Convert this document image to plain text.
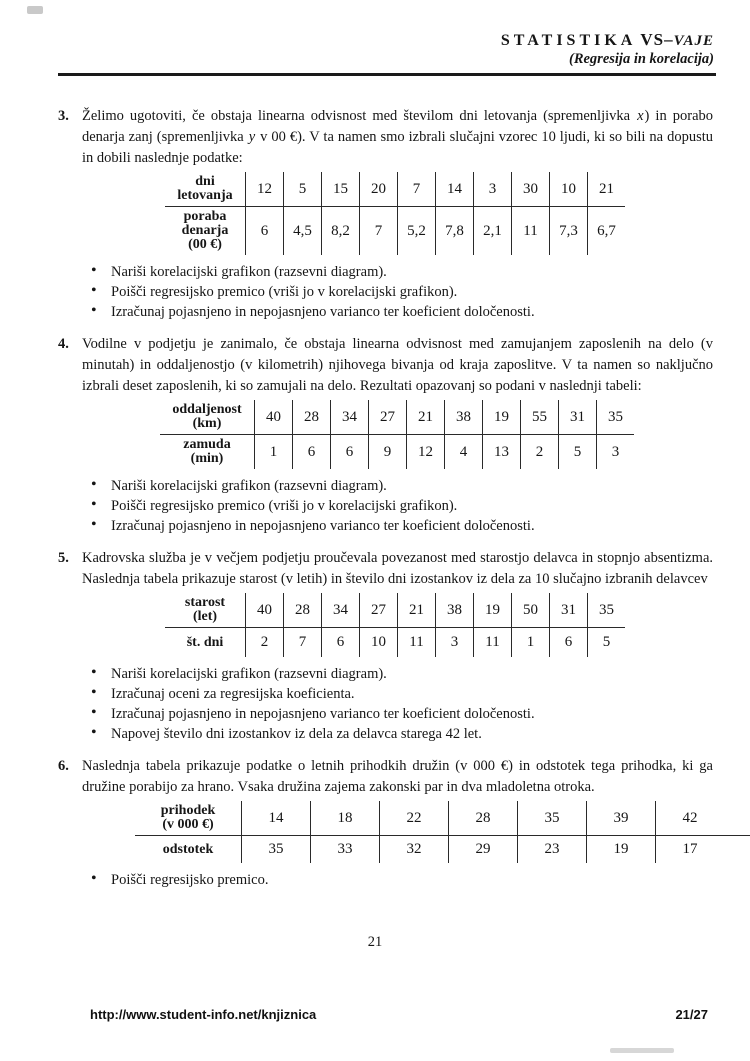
STATISTIKA VS–VAJE
(Regresija in korelacija)
3. Želimo ugotoviti, če obstaja linearna odvisnost med številom dni letovanja (spremenljivka x) in porabo denarja zanj (spremenljivka y v 00 €). V ta namen smo izbrali slučajni vzorec 10 ljudi, ki so bili na dopustu in dobili naslednje podatke:
dni
letovanja	12	5	15	20	7	14	3	30	10	21

poraba
denarja
(00 €)	6	4,5	8,2	7	5,2	7,8	2,1	11	7,3	6,7
• Nariši korelacijski grafikon (razsevni diagram).
• Poišči regresijsko premico (vriši jo v korelacijski grafikon).
• Izračunaj pojasnjeno in nepojasnjeno varianco ter koeficient določenosti.
4. Vodilne v podjetju je zanimalo, če obstaja linearna odvisnost med zamujanjem zaposlenih na delo (v minutah) in oddaljenostjo (v kilometrih) njihovega bivanja od kraja zaposlitve. V ta namen so naključno izbrali deset zaposlenih, ki so zamujali na delo. Rezultati opazovanj so podani v naslednji tabeli:
oddaljenost
(km)	40	28	34	27	21	38	19	55	31	35

zamuda
(min)	1	6	6	9	12	4	13	2	5	3
• Nariši korelacijski grafikon (razsevni diagram).
• Poišči regresijsko premico (vriši jo v korelacijski grafikon).
• Izračunaj pojasnjeno in nepojasnjeno varianco ter koeficient določenosti.
5. Kadrovska služba je v večjem podjetju proučevala povezanost med starostjo delavca in stopnjo absentizma. Naslednja tabela prikazuje starost (v letih) in število dni izostankov iz dela za 10 slučajno izbranih delavcev
starost
(let)	40	28	34	27	21	38	19	50	31	35

št. dni	2	7	6	10	11	3	11	1	6	5
• Nariši korelacijski grafikon (razsevni diagram).
• Izračunaj oceni za regresijska koeficienta.
• Izračunaj pojasnjeno in nepojasnjeno varianco ter koeficient določenosti.
• Napovej število dni izostankov iz dela za delavca starega 42 let.
6. Naslednja tabela prikazuje podatke o letnih prihodkih družin (v 000 €) in odstotek tega prihodka, ki ga družine porabijo za hrano. Vsaka družina zajema zakonski par in dva mladoletna otroka.
prihodek
(v 000 €)	14	18	22	28	35	39	42	

odstotek	35	33	32	29	23	19	17	
• Poišči regresijsko premico.
21
http://www.student-info.net/knjiznica	21/27
